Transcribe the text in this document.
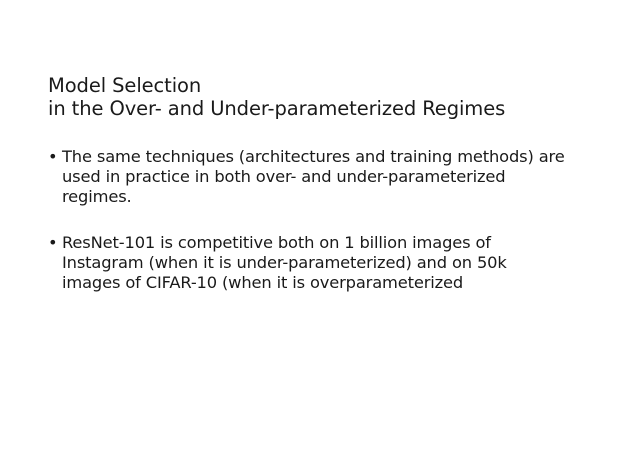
Model Selection
in the Over- and Under-parameterized Regimes
• The same techniques (architectures and training methods) are
used in practice in both over- and under-parameterized
regimes.
• ResNet-101 is competitive both on 1 billion images of
Instagram (when it is under-parameterized) and on 50k
images of CIFAR-10 (when it is overparameterized
